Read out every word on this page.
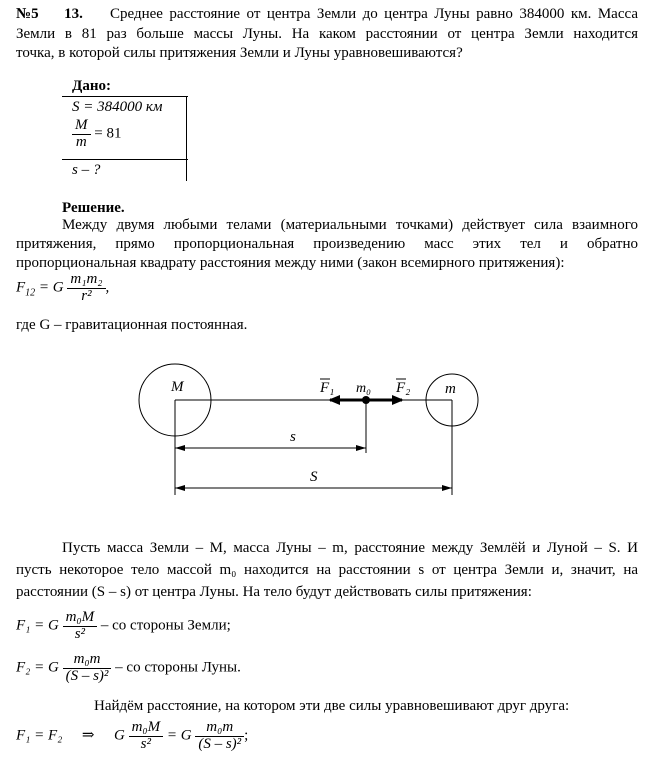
№5 13.	Среднее расстояние от центра Земли до центра Луны равно 384000 км. Масса
Земли в 81 раз больше массы Луны. На каком расстоянии от центра Земли находится
точка, в которой силы притяжения Земли и Луны уравновешиваются?
Дано:
S = 384000 км
$\frac{M}{m} = 81$
s – ?
Решение.
Между двумя любыми телами (материальными точками) действует сила взаимного
притяжения, прямо пропорциональная произведению масс этих тел и обратно
пропорциональная квадрату расстояния между ними (закон всемирного притяжения):
$F_{12} = G \frac{\text{m₁m₂}}{\text{r²}}$ ,
где G – гравитационная постоянная.
M	m
m₀
F₁	F₂
s
S
Пусть масса Земли – M, масса Луны – m, расстояние между Землёй и Луной – S. И
пусть некоторое тело массой m₀ находится на расстоянии s от центра Земли и, значит, на
расстоянии (S – s) от центра Луны. На тело будут действовать силы притяжения:
F₁ = G $\frac{\text{m₀M}}{\text{s²}}$ – со стороны Земли;
F₂ = G $\frac{\text{m₀m}}{\text{(S – s)²}}$ – со стороны Луны.
Найдём расстояние, на котором эти две силы уравновешивают друг друга:
F₁ = F₂ ⇒ G $\frac{\text{m₀M}}{\text{s²}} = G \frac{\text{m₀m}}{\text{(S – s)²}}$ ;
